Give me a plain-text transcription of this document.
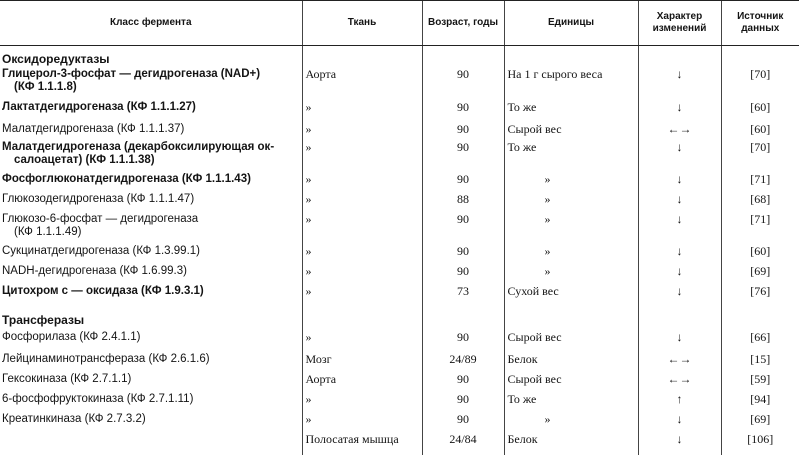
Класс фермента	Ткань	Возраст, годы	Единицы	Характер изменений	Источник данных
Оксидоредуктазы					
Глицерол-3-фосфат — дегидрогеназа (NAD+)
(КФ 1.1.1.8)	Аорта	90	На 1 г сырого веса	↓	[70]
Лактатдегидрогеназа (КФ 1.1.1.27)	»	90	То же	↓	[60]
Малатдегидрогеназа (КФ 1.1.1.37)	»	90	Сырой вес	←→	[60]
Малатдегидрогеназа (декарбоксилирующая ок-
салоацетат) (КФ 1.1.1.38)	»	90	То же	↓	[70]
Фосфоглюконатдегидрогеназа (КФ 1.1.1.43)	»	90	»	↓	[71]
Глюкозодегидрогеназа (КФ 1.1.1.47)	»	88	»	↓	[68]
Глюкозо-6-фосфат — дегидрогеназа
(КФ 1.1.1.49)	»	90	»	↓	[71]
Сукцинатдегидрогеназа (КФ 1.3.99.1)	»	90	»	↓	[60]
NADH-дегидрогеназа (КФ 1.6.99.3)	»	90	»	↓	[69]
Цитохром c — оксидаза (КФ 1.9.3.1)	»	73	Сухой вес	↓	[76]
Трансферазы					
Фосфорилаза (КФ 2.4.1.1)	»	90	Сырой вес	↓	[66]
Лейцинаминотрансфераза (КФ 2.6.1.6)	Мозг	24/89	Белок	←→	[15]
Гексокиназа (КФ 2.7.1.1)	Аорта	90	Сырой вес	←→	[59]
6-фосфофруктокиназа (КФ 2.7.1.11)	»	90	То же	↑	[94]
Креатинкиназа (КФ 2.7.3.2)	»	90	»	↓	[69]
	Полосатая мышца	24/84	Белок	↓	[106]
